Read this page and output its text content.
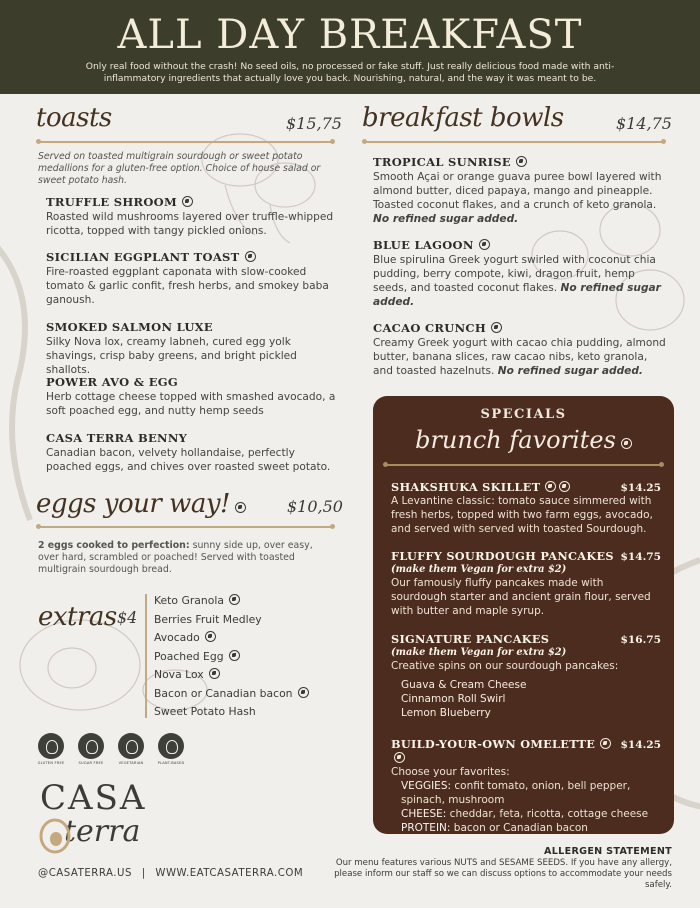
ALL DAY BREAKFAST

Only real food without the crash! No seed oils, no processed or fake stuff. Just really delicious food made with anti-inflammatory ingredients that actually love you back. Nourishing, natural, and the way it was meant to be.

toasts	$15,75
Served on toasted multigrain sourdough or sweet potato medallions for a gluten-free option. Choice of house salad or sweet potato hash.
TRUFFLE SHROOM
Roasted wild mushrooms layered over truffle-whipped ricotta, topped with tangy pickled onions.
SICILIAN EGGPLANT TOAST
Fire-roasted eggplant caponata with slow-cooked tomato & garlic confit, fresh herbs, and smokey baba ganoush.
SMOKED SALMON LUXE
Silky Nova lox, creamy labneh, cured egg yolk shavings, crisp baby greens, and bright pickled shallots.
POWER AVO & EGG
Herb cottage cheese topped with smashed avocado, a soft poached egg, and nutty hemp seeds
CASA TERRA BENNY
Canadian bacon, velvety hollandaise, perfectly poached eggs, and chives over roasted sweet potato.
eggs your way!	$10,50
2 eggs cooked to perfection: sunny side up, over easy, over hard, scrambled or poached! Served with toasted multigrain sourdough bread.
extras $4
Keto Granola
Berries Fruit Medley
Avocado
Poached Egg
Nova Lox
Bacon or Canadian bacon
Sweet Potato Hash
GLUTEN FREE	SUGAR FREE	VEGETARIAN	PLANT-BASED
CASA
terra
@CASATERRA.US | WWW.EATCASATERRA.COM
ALLERGEN STATEMENT
Our menu features various NUTS and SESAME SEEDS. If you have any allergy, please inform our staff so we can discuss options to accommodate your needs safely.
breakfast bowls	$14,75
TROPICAL SUNRISE
Smooth Açai or orange guava puree bowl layered with almond butter, diced papaya, mango and pineapple. Toasted coconut flakes, and a crunch of keto granola. No refined sugar added.
BLUE LAGOON
Blue spirulina Greek yogurt swirled with coconut chia pudding, berry compote, kiwi, dragon fruit, hemp seeds, and toasted coconut flakes. No refined sugar added.
CACAO CRUNCH
Creamy Greek yogurt with cacao chia pudding, almond butter, banana slices, raw cacao nibs, keto granola, and toasted hazelnuts. No refined sugar added.
SPECIALS
brunch favorites
SHAKSHUKA SKILLET	$14.25
A Levantine classic: tomato sauce simmered with fresh herbs, topped with two farm eggs, avocado, and served with served with toasted Sourdough.
FLUFFY SOURDOUGH PANCAKES $14.75
(make them Vegan for extra $2)
Our famously fluffy pancakes made with sourdough starter and ancient grain flour, served with butter and maple syrup.
SIGNATURE PANCAKES	$16.75
(make them Vegan for extra $2)
Creative spins on our sourdough pancakes:
Guava & Cream Cheese
Cinnamon Roll Swirl
Lemon Blueberry
BUILD-YOUR-OWN OMELETTE	$14.25
Choose your favorites:
VEGGIES: confit tomato, onion, bell pepper, spinach, mushroom
CHEESE: cheddar, feta, ricotta, cottage cheese
PROTEIN: bacon or Canadian bacon
